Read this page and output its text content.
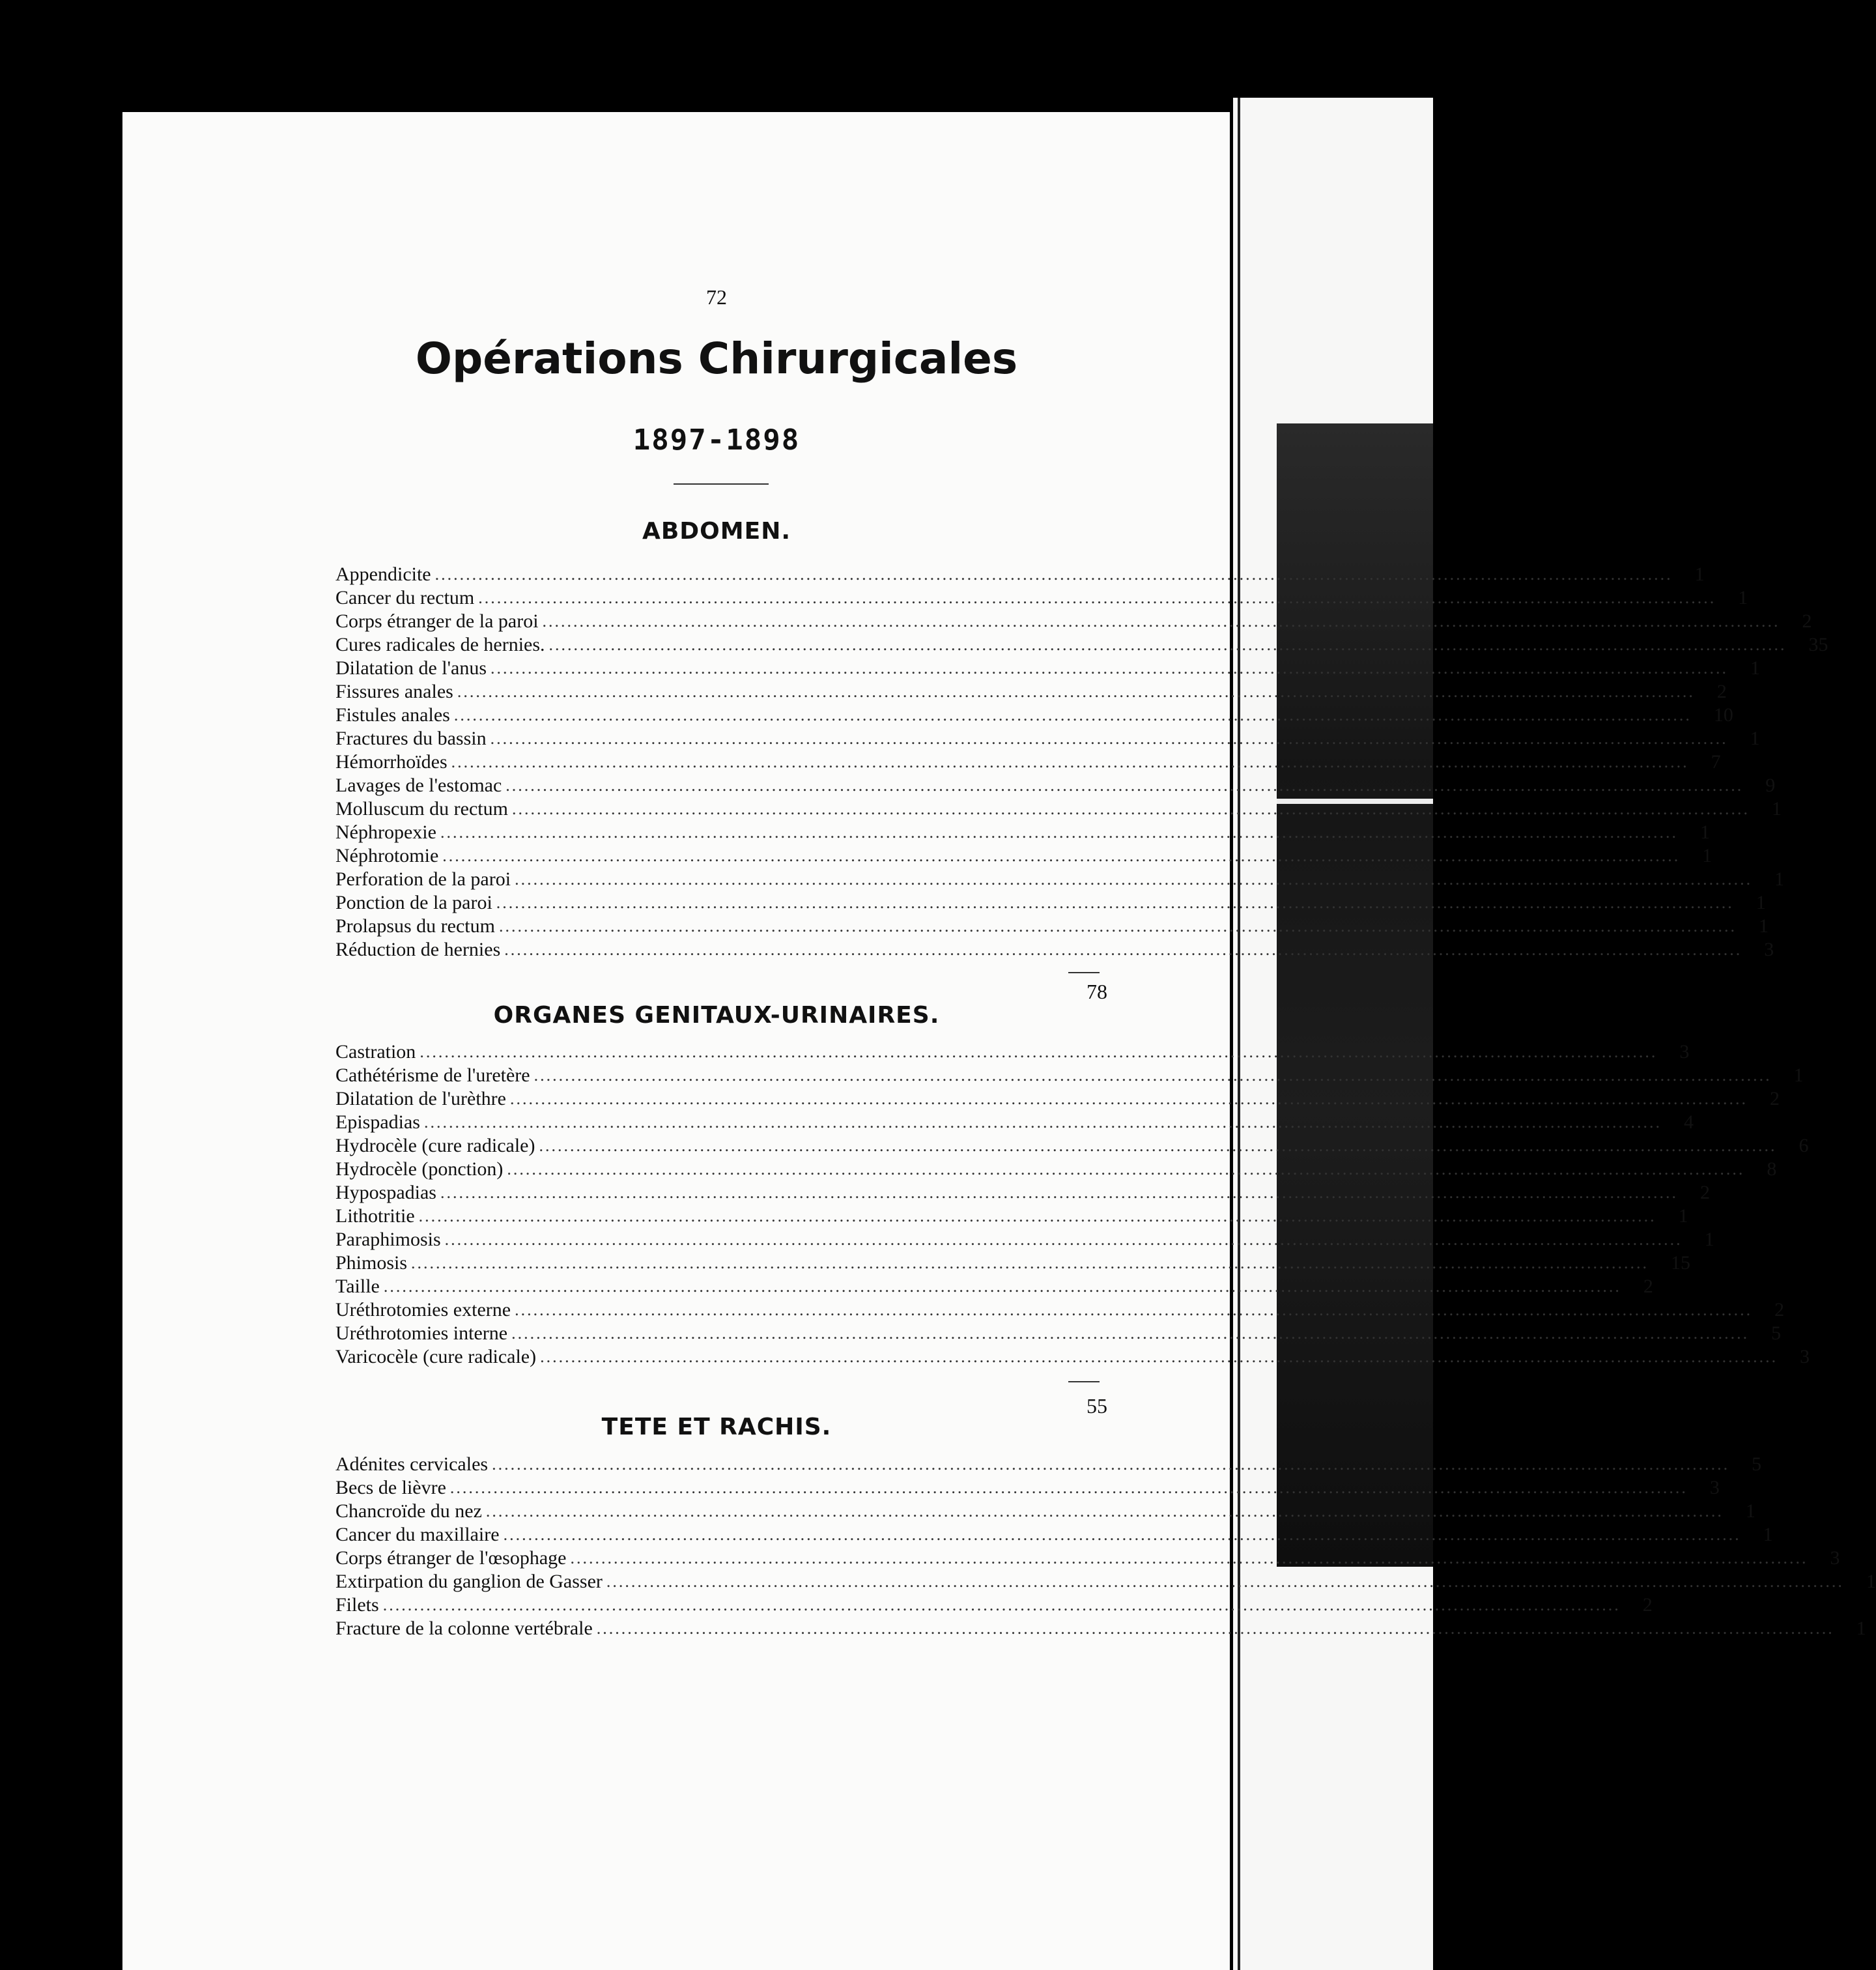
72
Opérations Chirurgicales
1897-1898
ABDOMEN.
Appendicite ........................................................................................................................................................................................................ 1
Cancer du rectum ........................................................................................................................................................................................................ 1
Corps étranger de la paroi ........................................................................................................................................................................................................ 2
Cures radicales de hernies. ........................................................................................................................................................................................................ 35
Dilatation de l'anus ........................................................................................................................................................................................................ 1
Fissures anales ........................................................................................................................................................................................................ 2
Fistules anales ........................................................................................................................................................................................................ 10
Fractures du bassin ........................................................................................................................................................................................................ 1
Hémorrhoïdes ........................................................................................................................................................................................................ 7
Lavages de l'estomac ........................................................................................................................................................................................................ 9
Molluscum du rectum ........................................................................................................................................................................................................ 1
Néphropexie ........................................................................................................................................................................................................ 1
Néphrotomie ........................................................................................................................................................................................................ 1
Perforation de la paroi ........................................................................................................................................................................................................ 1
Ponction de la paroi ........................................................................................................................................................................................................ 1
Prolapsus du rectum ........................................................................................................................................................................................................ 1
Réduction de hernies ........................................................................................................................................................................................................ 3
78
ORGANES GENITAUX-URINAIRES.
Castration ........................................................................................................................................................................................................ 3
Cathétérisme de l'uretère ........................................................................................................................................................................................................ 1
Dilatation de l'urèthre ........................................................................................................................................................................................................ 2
Epispadias ........................................................................................................................................................................................................ 4
Hydrocèle (cure radicale) ........................................................................................................................................................................................................ 6
Hydrocèle (ponction) ........................................................................................................................................................................................................ 8
Hypospadias ........................................................................................................................................................................................................ 2
Lithotritie ........................................................................................................................................................................................................ 1
Paraphimosis ........................................................................................................................................................................................................ 1
Phimosis ........................................................................................................................................................................................................ 15
Taille ........................................................................................................................................................................................................ 2
Uréthrotomies externe ........................................................................................................................................................................................................ 2
Uréthrotomies interne ........................................................................................................................................................................................................ 5
Varicocèle (cure radicale) ........................................................................................................................................................................................................ 3
55
TETE ET RACHIS.
Adénites cervicales ........................................................................................................................................................................................................ 5
Becs de lièvre ........................................................................................................................................................................................................ 3
Chancroïde du nez ........................................................................................................................................................................................................ 1
Cancer du maxillaire ........................................................................................................................................................................................................ 1
Corps étranger de l'œsophage ........................................................................................................................................................................................................ 3
Extirpation du ganglion de Gasser ........................................................................................................................................................................................................ 1
Filets ........................................................................................................................................................................................................ 2
Fracture de la colonne vertébrale ........................................................................................................................................................................................................ 1
